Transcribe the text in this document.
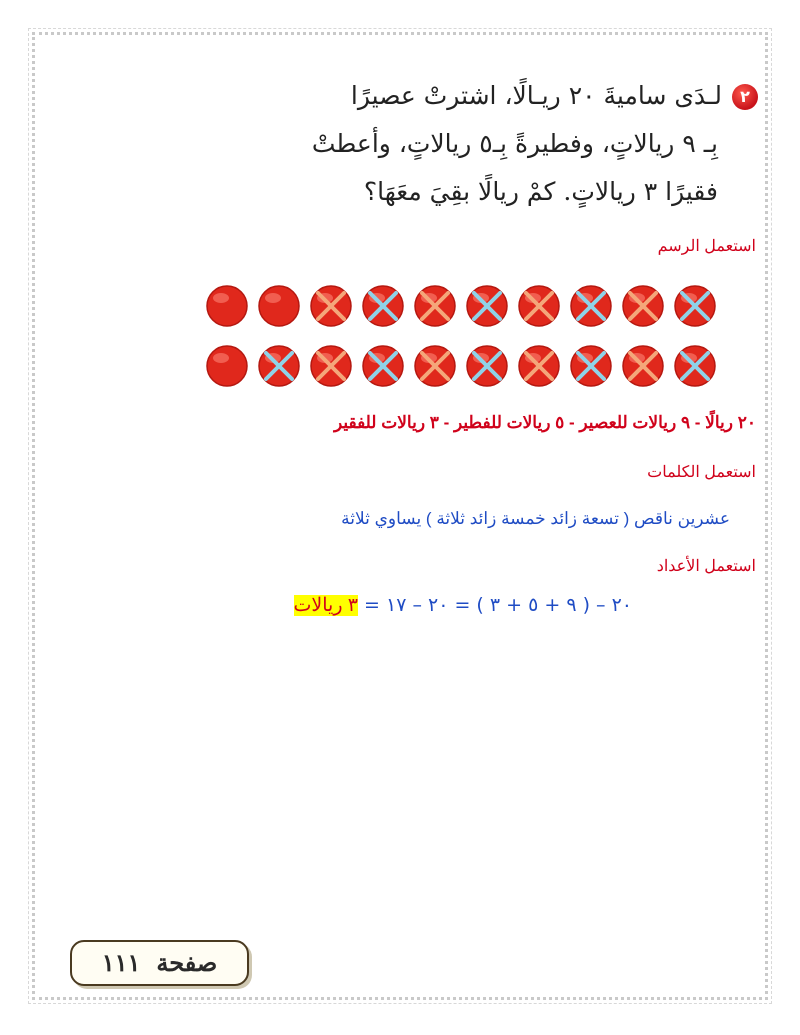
٢لـدَى ساميةَ ٢٠ ريـالًا، اشترتْ عصيرًا
بِـ ٩ ريالاتٍ، وفطيرةً بِـ٥ ريالاتٍ، وأعطتْ
فقيرًا ٣ ريالاتٍ. كمْ ريالًا بقِيَ معَهَا؟
استعمل الرسم
٢٠ ريالًا - ٩ ريالات للعصير - ٥ ريالات للفطير - ٣ ريالات للفقير
استعمل الكلمات
عشرين ناقص ( تسعة زائد خمسة زائد ثلاثة ) يساوي ثلاثة
استعمل الأعداد
٢٠ – ( ٩ + ٥ + ٣ ) = ٢٠ – ١٧ = ٣ ريالات
صفحة١١١
